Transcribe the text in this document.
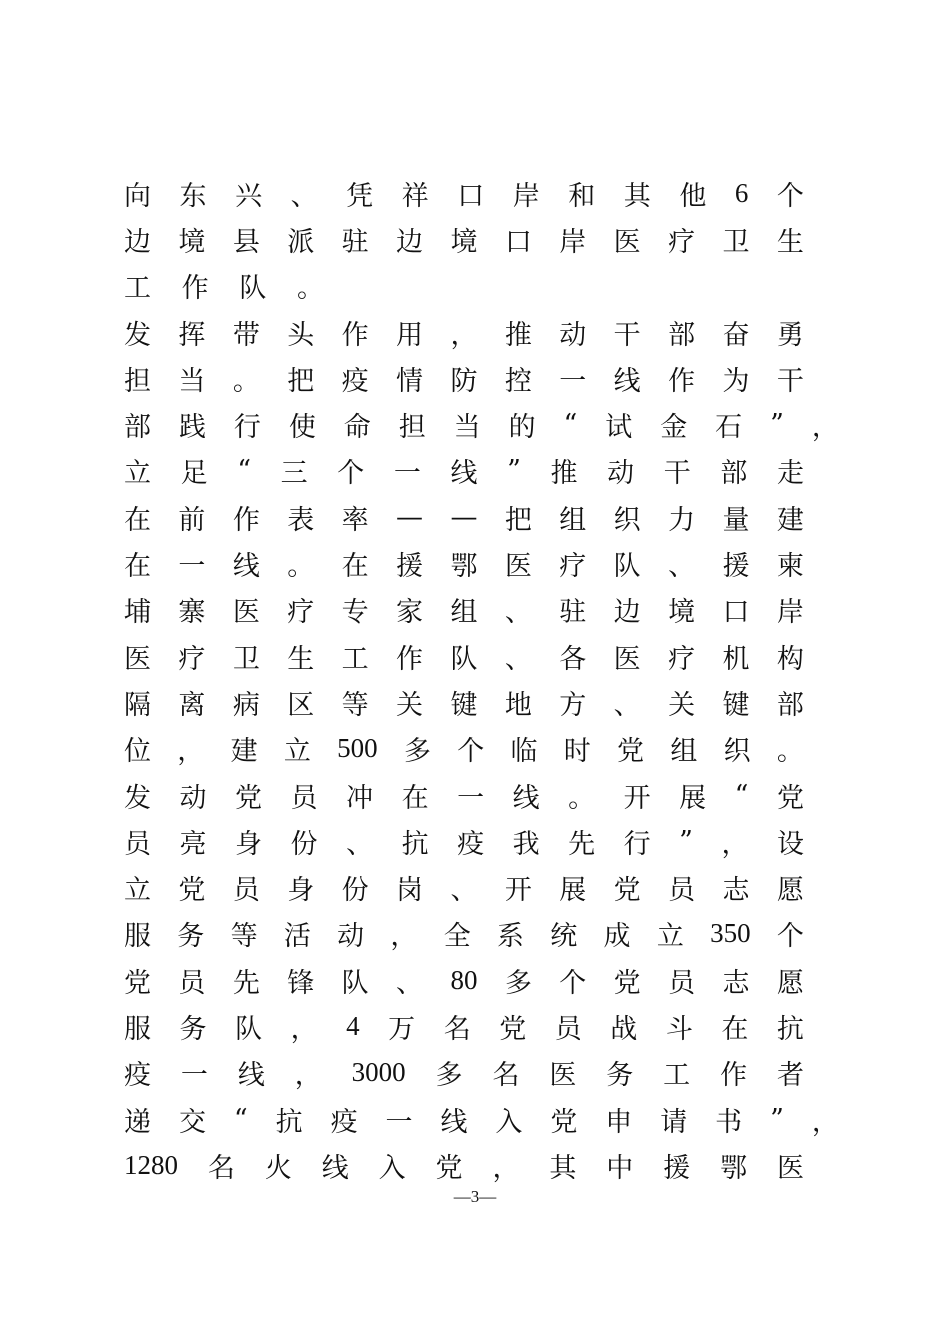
向 东 兴 、 凭 祥 口 岸 和 其 他 6 个
边 境 县 派 驻 边 境 口 岸 医 疗 卫 生
工 作 队 。
发 挥 带 头 作 用 ， 推 动 干 部 奋 勇
担 当 。 把 疫 情 防 控 一 线 作 为 干
部 践 行 使 命 担 当 的 “ 试 金 石 ” ，
立 足 “ 三 个 一 线 ” 推 动 干 部 走
在 前 作 表 率 — — 把 组 织 力 量 建
在 一 线 。 在 援 鄂 医 疗 队 、 援 柬
埔 寨 医 疗 专 家 组 、 驻 边 境 口 岸
医 疗 卫 生 工 作 队 、 各 医 疗 机 构
隔 离 病 区 等 关 键 地 方 、 关 键 部
位 ， 建 立 500 多 个 临 时 党 组 织 。
发 动 党 员 冲 在 一 线 。 开 展 “ 党
员 亮 身 份 、 抗 疫 我 先 行 ” ， 设
立 党 员 身 份 岗 、 开 展 党 员 志 愿
服 务 等 活 动 ， 全 系 统 成 立 350 个
党 员 先 锋 队 、 80 多 个 党 员 志 愿
服 务 队 ， 4 万 名 党 员 战 斗 在 抗
疫 一 线 ， 3000 多 名 医 务 工 作 者
递 交 “ 抗 疫 一 线 入 党 申 请 书 ” ，
1280 名 火 线 入 党 ， 其 中 援 鄂 医
—3—
